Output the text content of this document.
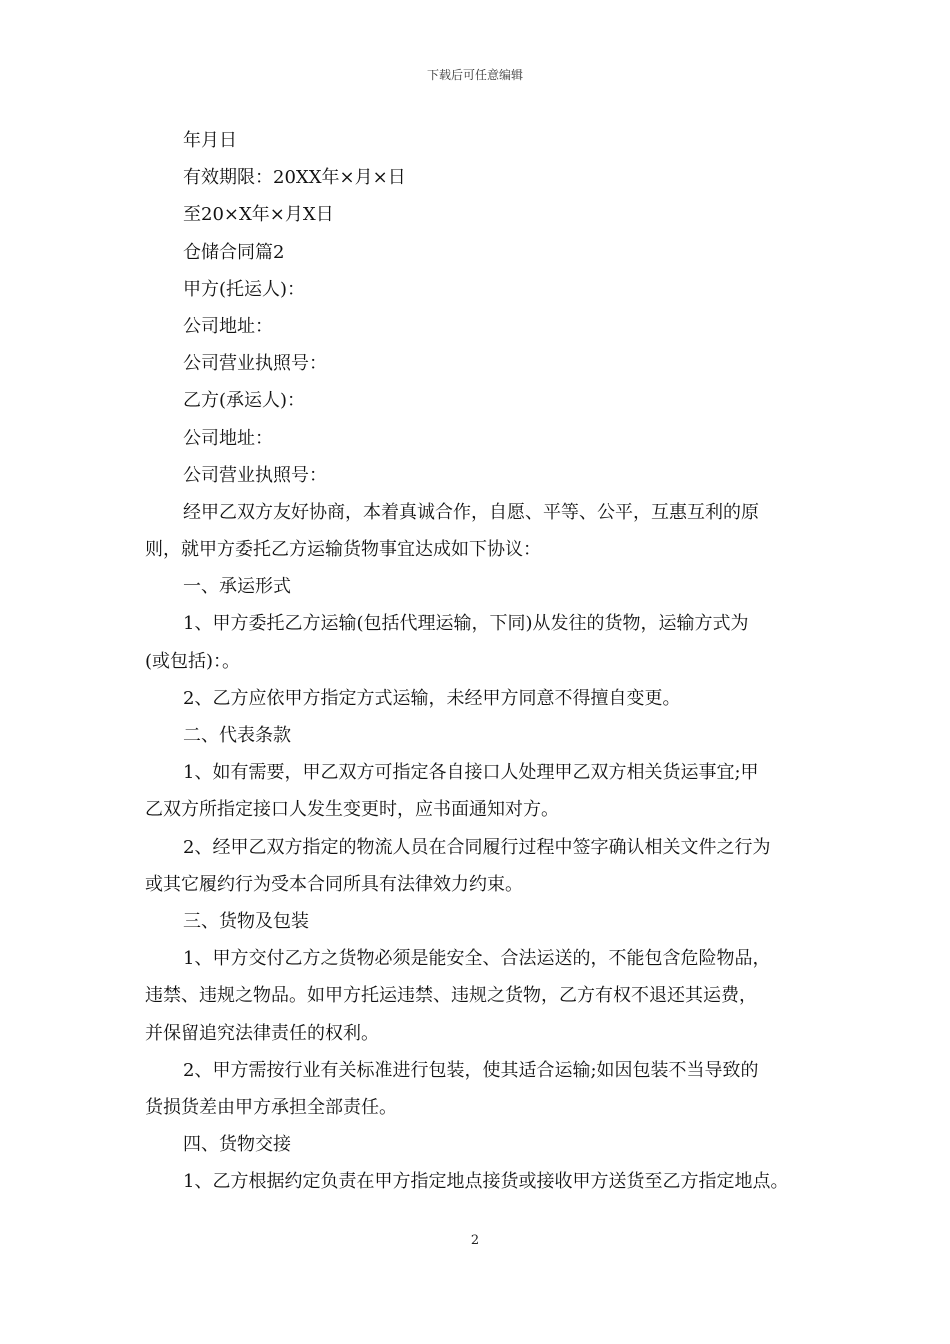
下载后可任意编辑

年月日

有效期限：20XX年×月×日

至20×X年×月X日

仓储合同篇2

甲方(托运人)：

公司地址：

公司营业执照号：

乙方(承运人)：

公司地址：

公司营业执照号：

经甲乙双方友好协商，本着真诚合作，自愿、平等、公平，互惠互利的原

则，就甲方委托乙方运输货物事宜达成如下协议：

一、承运形式

1、甲方委托乙方运输(包括代理运输，下同)从发往的货物，运输方式为

(或包括)：。

2、乙方应依甲方指定方式运输，未经甲方同意不得擅自变更。

二、代表条款

1、如有需要，甲乙双方可指定各自接口人处理甲乙双方相关货运事宜;甲

乙双方所指定接口人发生变更时，应书面通知对方。

2、经甲乙双方指定的物流人员在合同履行过程中签字确认相关文件之行为

或其它履约行为受本合同所具有法律效力约束。

三、货物及包装

1、甲方交付乙方之货物必须是能安全、合法运送的，不能包含危险物品，

违禁、违规之物品。如甲方托运违禁、违规之货物，乙方有权不退还其运费，

并保留追究法律责任的权利。

2、甲方需按行业有关标准进行包装，使其适合运输;如因包装不当导致的

货损货差由甲方承担全部责任。

四、货物交接

1、乙方根据约定负责在甲方指定地点接货或接收甲方送货至乙方指定地点。

2
